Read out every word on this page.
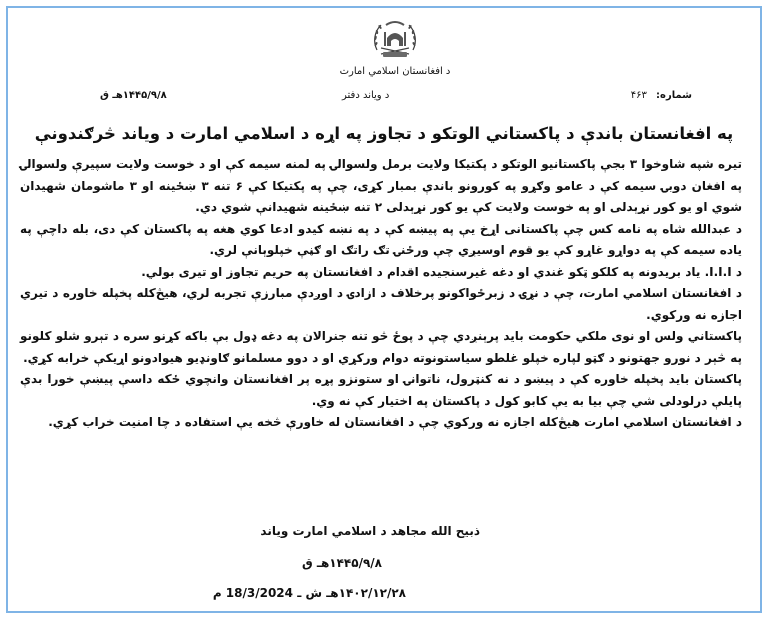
د افغانستان اسلامي امارت
شماره: ۴۶۳
د ویاند دفتر
۱۴۴۵/۹/۸هـ ق
په افغانستان باندې د پاکستاني الوتکو د تجاوز په اړه د اسلامي امارت د ویاند څرګندونې

تیره شپه شاوخوا ۳ بجې پاکستانیو الوتکو د پکتیکا ولایت برمل ولسوالۍ په لمنه سیمه کې او د خوست ولایت سپیرې ولسوالۍ په افغان دوبۍ سیمه کې د عامو وګړو په کورونو باندې بمبار کړی، چې په پکتیکا کې ۶ تنه ۳ ښځینه او ۳ ماشومان شهیدان شوي او یو کور نړېدلی او په خوست ولایت کې یو کور نړېدلی ۲ تنه ښځینه شهیدانې شوي دي.

د عبدالله شاه په نامه کس چې پاکستانی اړخ یې په پیښه کې د په نښه کیدو ادعا کوي هغه په پاکستان کې دی، بله داچې په یاده سیمه کې په دواړو غاړو کې یو قوم اوسیږي چې ورځنۍ تګ راتګ او ګڼې خپلوېانې لري.

د I.I.I. یاد بریدونه په کلکو ټکو غندي او دغه غیرسنجیده اقدام د افغانستان په حریم تجاوز او تیری بولي.

د افغانستان اسلامي امارت، چې د نړۍ د زبرځواکونو پرخلاف د ازادۍ د اوږدې مبارزې تجربه لري، هیڅ‌کله پخپله خاوره د تیري اجازه نه ورکوي.

پاکستاني ولس او نوی ملکي حکومت باید پرېنږدي چې د پوځ څو تنه جنرالان په دغه ډول بې باکه کړنو سره د تېرو شلو کلونو په څېر د نورو جهتونو د ګټو لپاره خپلو غلطو سیاستونوته دوام ورکړي او د دوو مسلمانو ګاونډیو هیوادونو اړیکې خرابه کړي.

پاکستان باید پخپله خاوره کې د پیښو د نه کنټرول، ناتوانۍ او ستونزو پړه پر افغانستان وانچوي ځکه داسې پیښې خورا بدې پایلې درلودلی شي چې بیا به یې کابو کول د پاکستان په اختیار کې نه وي.

د افغانستان اسلامي امارت هیڅ‌کله اجازه نه ورکوي چې د افغانستان له خاورې څخه یې استفاده د چا امنیت خراب کړي.

ذبیح الله مجاهد د اسلامي امارت ویاند
۱۴۴۵/۹/۸هـ ق
۱۴۰۲/۱۲/۲۸هـ ش ـ 18/3/2024 م
